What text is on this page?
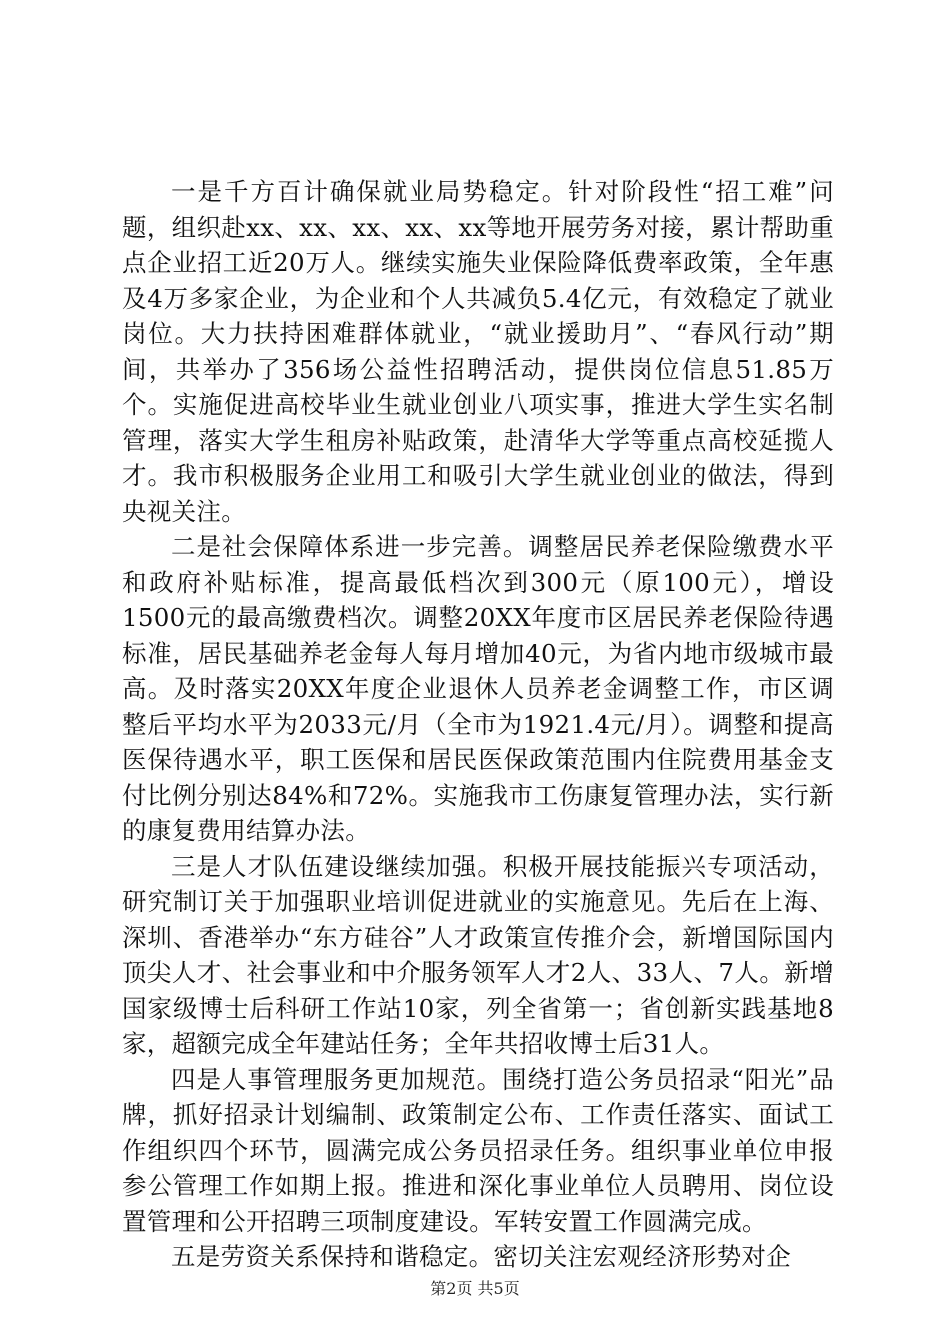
一是千方百计确保就业局势稳定。针对阶段性“招工难”问题，组织赴xx、xx、xx、xx、xx等地开展劳务对接，累计帮助重点企业招工近20万人。继续实施失业保险降低费率政策，全年惠及4万多家企业，为企业和个人共减负5.4亿元，有效稳定了就业岗位。大力扶持困难群体就业，“就业援助月”、“春风行动”期间，共举办了356场公益性招聘活动，提供岗位信息51.85万个。实施促进高校毕业生就业创业八项实事，推进大学生实名制管理，落实大学生租房补贴政策，赴清华大学等重点高校延揽人才。我市积极服务企业用工和吸引大学生就业创业的做法，得到央视关注。

二是社会保障体系进一步完善。调整居民养老保险缴费水平和政府补贴标准，提高最低档次到300元（原100元），增设1500元的最高缴费档次。调整20XX年度市区居民养老保险待遇标准，居民基础养老金每人每月增加40元，为省内地市级城市最高。及时落实20XX年度企业退休人员养老金调整工作，市区调整后平均水平为2033元/月（全市为1921.4元/月）。调整和提高医保待遇水平，职工医保和居民医保政策范围内住院费用基金支付比例分别达84%和72%。实施我市工伤康复管理办法，实行新的康复费用结算办法。

三是人才队伍建设继续加强。积极开展技能振兴专项活动，研究制订关于加强职业培训促进就业的实施意见。先后在上海、深圳、香港举办“东方硅谷”人才政策宣传推介会，新增国际国内顶尖人才、社会事业和中介服务领军人才2人、33人、7人。新增国家级博士后科研工作站10家，列全省第一；省创新实践基地8家，超额完成全年建站任务；全年共招收博士后31人。

四是人事管理服务更加规范。围绕打造公务员招录“阳光”品牌，抓好招录计划编制、政策制定公布、工作责任落实、面试工作组织四个环节，圆满完成公务员招录任务。组织事业单位申报参公管理工作如期上报。推进和深化事业单位人员聘用、岗位设置管理和公开招聘三项制度建设。军转安置工作圆满完成。

五是劳资关系保持和谐稳定。密切关注宏观经济形势对企

第2页 共5页
